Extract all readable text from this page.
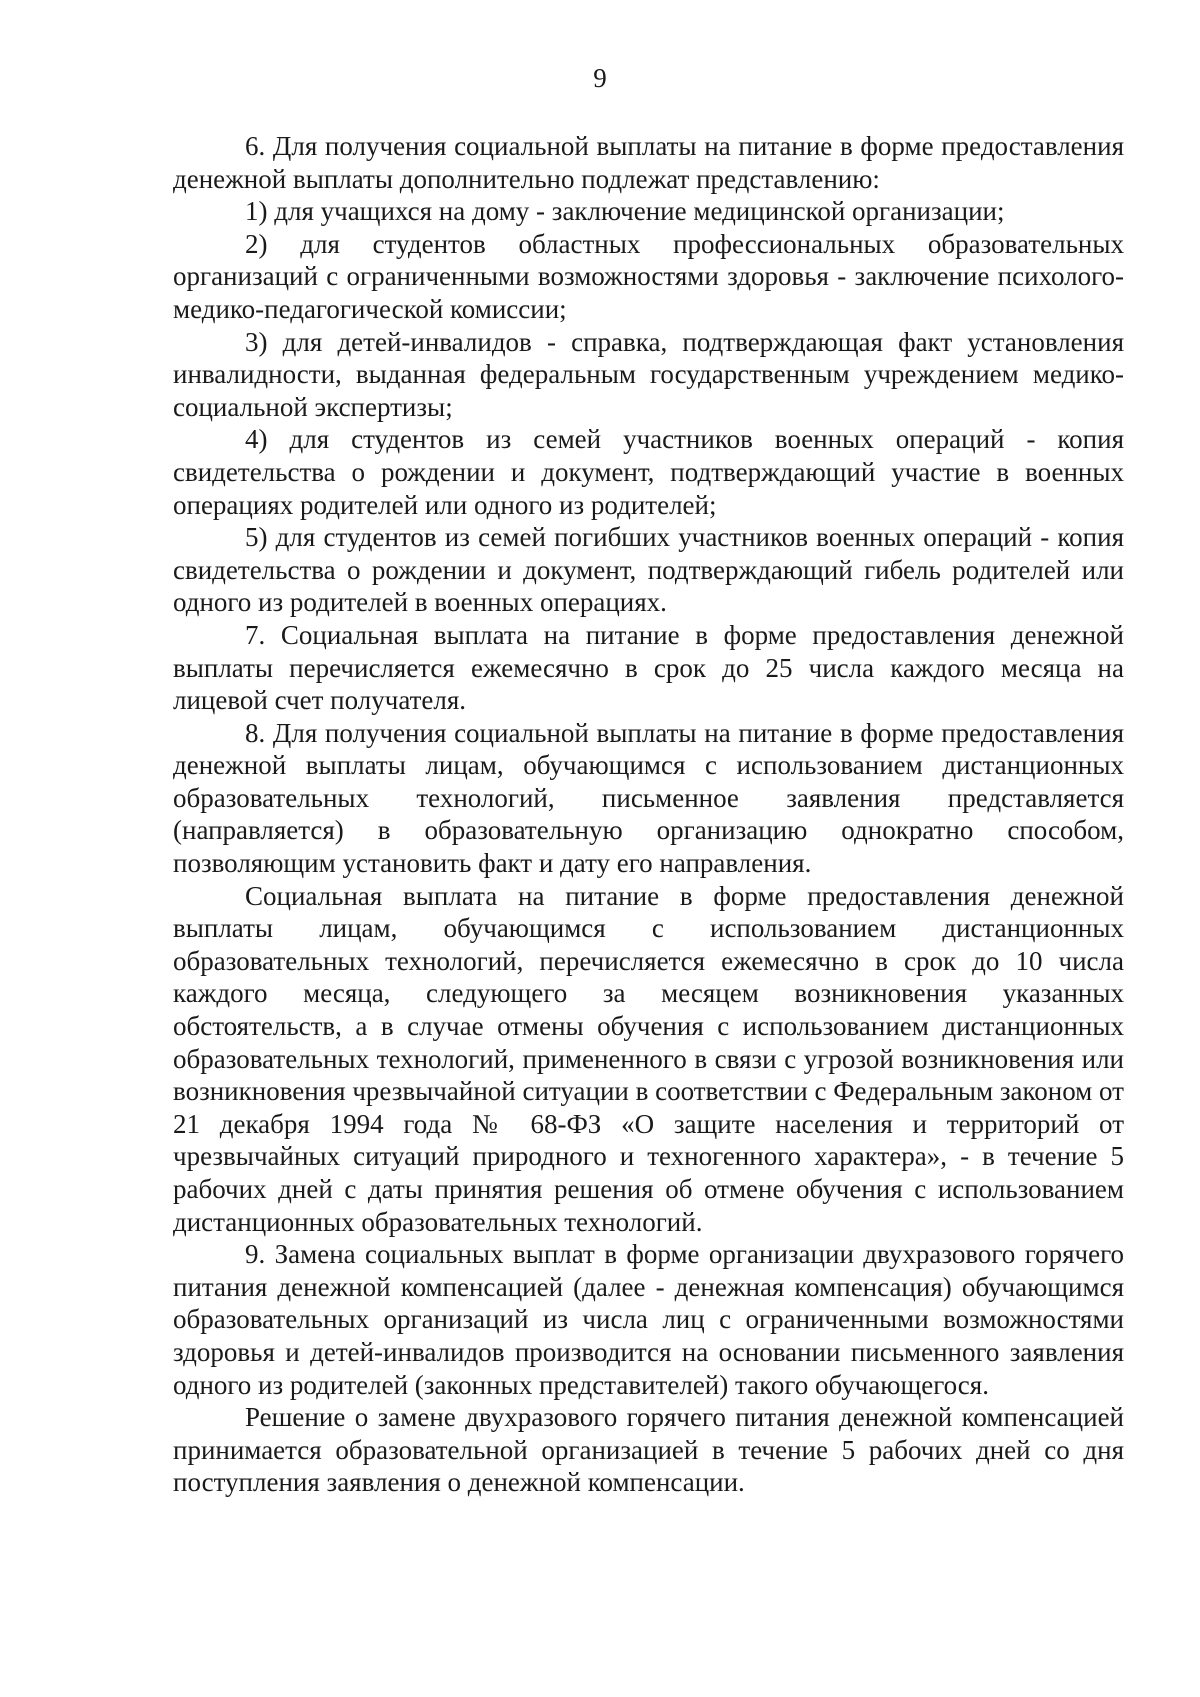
9

6. Для получения социальной выплаты на питание в форме предоставления денежной выплаты дополнительно подлежат представлению:

1) для учащихся на дому - заключение медицинской организации;

2) для студентов областных профессиональных образовательных организаций с ограниченными возможностями здоровья - заключение психолого-медико-педагогической комиссии;

3) для детей-инвалидов - справка, подтверждающая факт установления инвалидности, выданная федеральным государственным учреждением медико-социальной экспертизы;

4) для студентов из семей участников военных операций - копия свидетельства о рождении и документ, подтверждающий участие в военных операциях родителей или одного из родителей;

5) для студентов из семей погибших участников военных операций - копия свидетельства о рождении и документ, подтверждающий гибель родителей или одного из родителей в военных операциях.

7. Социальная выплата на питание в форме предоставления денежной выплаты перечисляется ежемесячно в срок до 25 числа каждого месяца на лицевой счет получателя.

8. Для получения социальной выплаты на питание в форме предоставления денежной выплаты лицам, обучающимся с использованием дистанционных образовательных технологий, письменное заявления представляется (направляется) в образовательную организацию однократно способом, позволяющим установить факт и дату его направления.

Социальная выплата на питание в форме предоставления денежной выплаты лицам, обучающимся с использованием дистанционных образовательных технологий, перечисляется ежемесячно в срок до 10 числа каждого месяца, следующего за месяцем возникновения указанных обстоятельств, а в случае отмены обучения с использованием дистанционных образовательных технологий, примененного в связи с угрозой возникновения или возникновения чрезвычайной ситуации в соответствии с Федеральным законом от 21 декабря 1994 года № 68-ФЗ «О защите населения и территорий от чрезвычайных ситуаций природного и техногенного характера», - в течение 5 рабочих дней с даты принятия решения об отмене обучения с использованием дистанционных образовательных технологий.

9. Замена социальных выплат в форме организации двухразового горячего питания денежной компенсацией (далее - денежная компенсация) обучающимся образовательных организаций из числа лиц с ограниченными возможностями здоровья и детей-инвалидов производится на основании письменного заявления одного из родителей (законных представителей) такого обучающегося.

Решение о замене двухразового горячего питания денежной компенсацией принимается образовательной организацией в течение 5 рабочих дней со дня поступления заявления о денежной компенсации.
